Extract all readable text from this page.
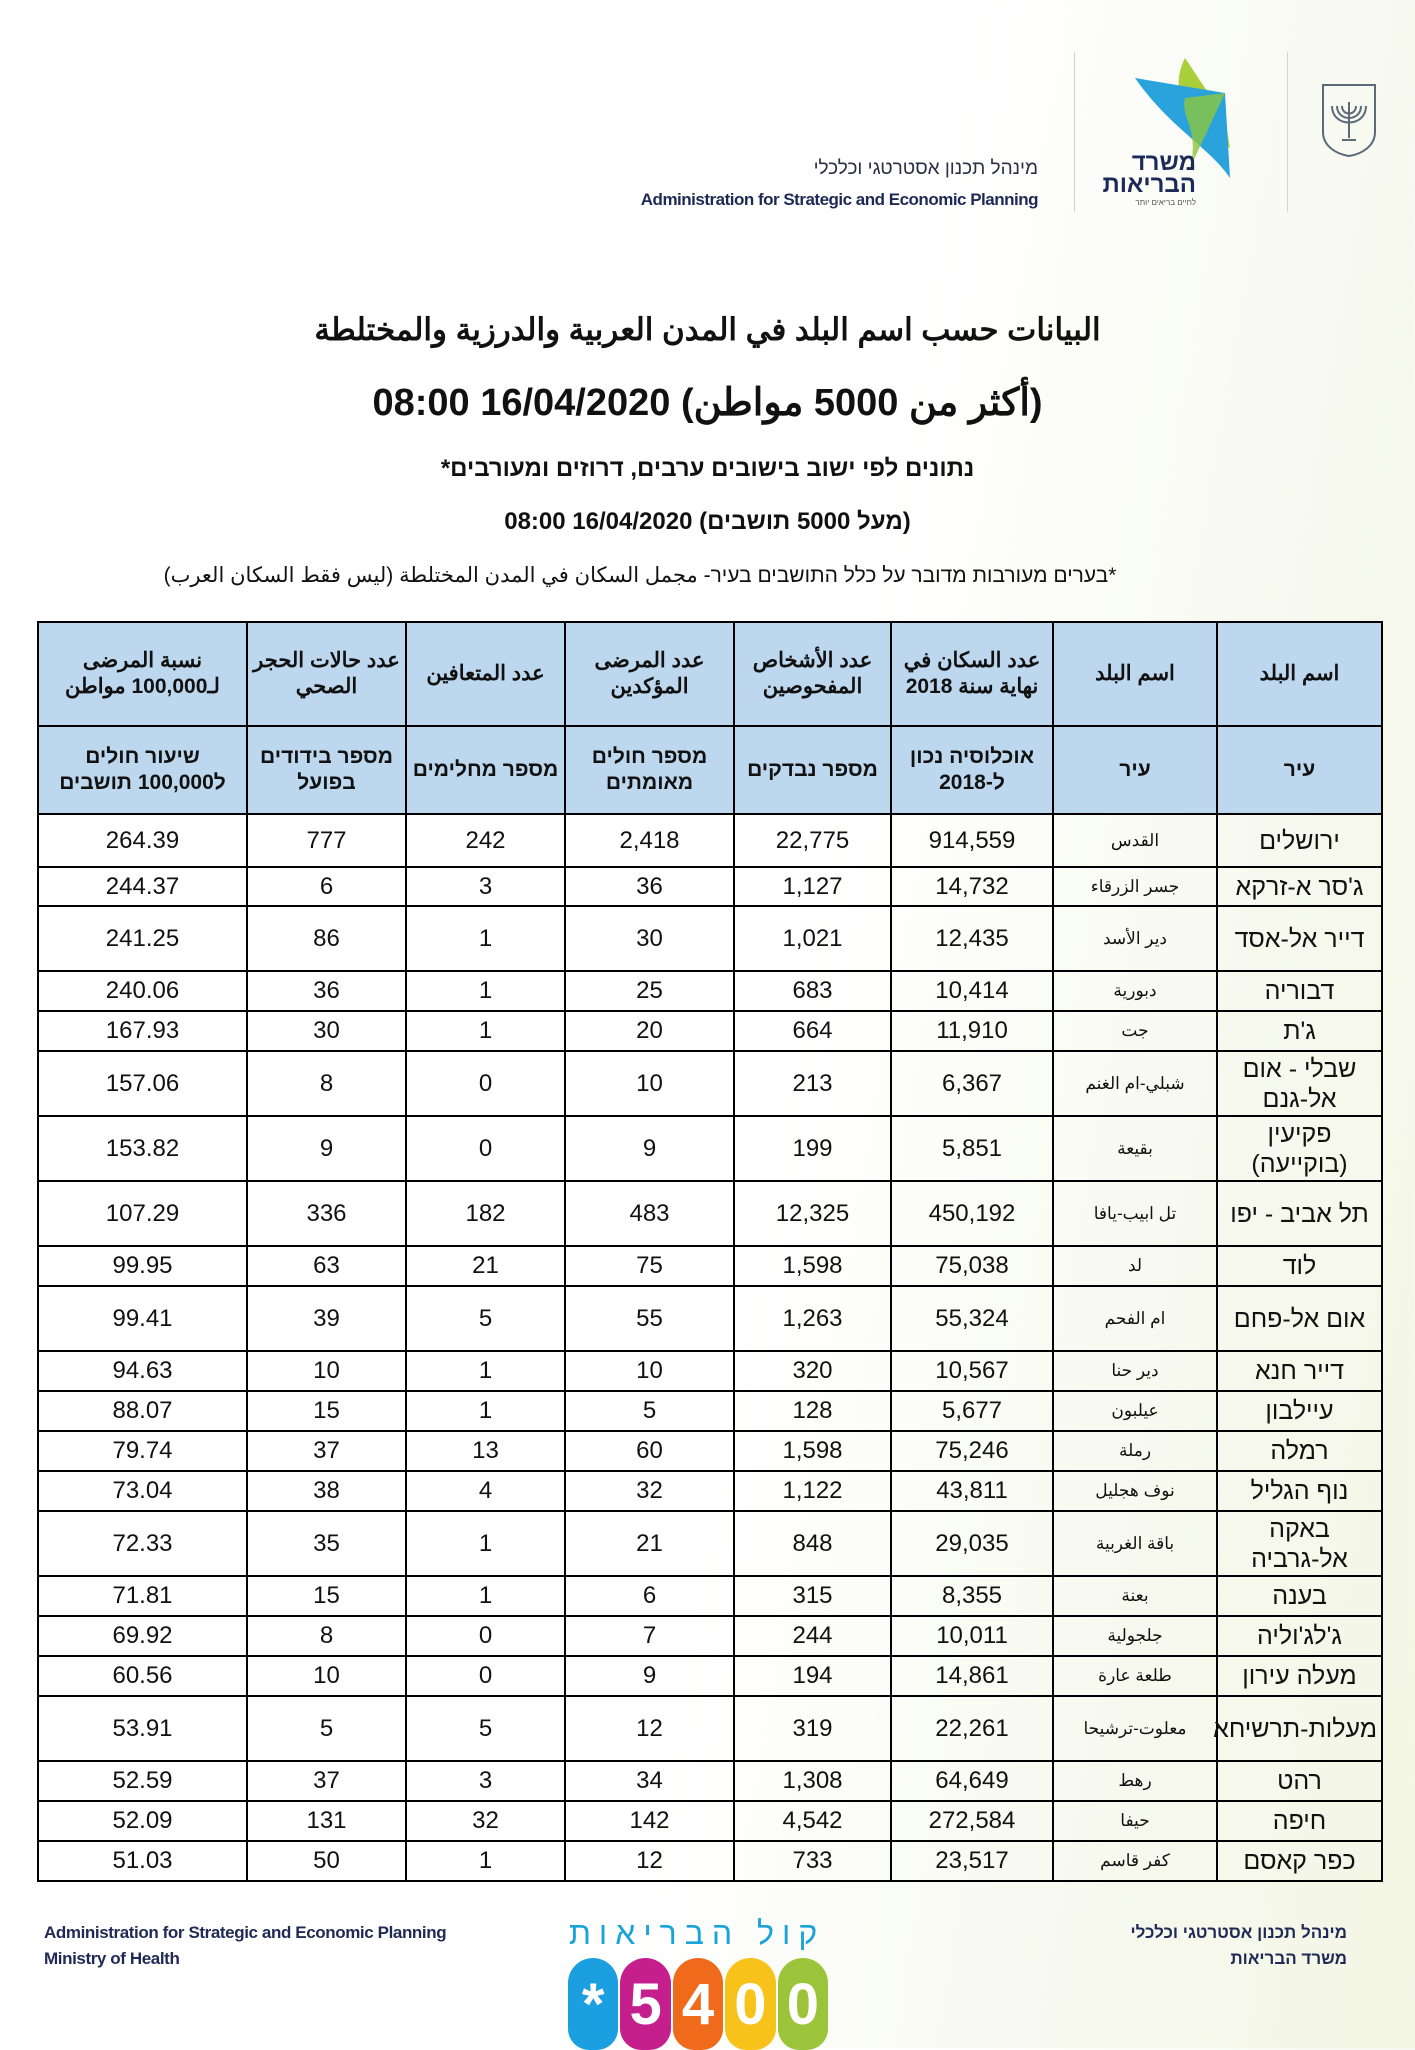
מינהל תכנון אסטרטגי וכלכלי
Administration for Strategic and Economic Planning
משרד הבריאות
לחיים בריאים יותר
البيانات حسب اسم البلد في المدن العربية والدرزية والمختلطة
(أكثر من 5000 مواطن) 16/04/2020 08:00
נתונים לפי ישוב בישובים ערבים, דרוזים ומעורבים*
(מעל 5000 תושבים) 16/04/2020 08:00
*בערים מעורבות מדובר על כלל התושבים בעיר- مجمل السكان في المدن المختلطة (ليس فقط السكان العرب)
اسم البلد	اسم البلد	عدد السكان في نهاية سنة 2018	عدد الأشخاص المفحوصين	عدد المرضى المؤكدين	عدد المتعافين	عدد حالات الحجر الصحي	نسبة المرضى لـ100,000 مواطن
עיר	עיר	אוכלוסיה נכון ל-2018	מספר נבדקים	מספר חולים מאומתים	מספר מחלימים	מספר בידודים בפועל	שיעור חולים ל100,000 תושבים
ירושלים	القدس	914,559	22,775	2,418	242	777	264.39
ג'סר א-זרקא	جسر الزرقاء	14,732	1,127	36	3	6	244.37
דייר אל-אסד	دير الأسد	12,435	1,021	30	1	86	241.25
דבוריה	دبورية	10,414	683	25	1	36	240.06
ג'ת	جت	11,910	664	20	1	30	167.93
שבלי - אום אל-גנם	شبلي-ام الغنم	6,367	213	10	0	8	157.06
פקיעין (בוקייעה)	بقيعة	5,851	199	9	0	9	153.82
תל אביב - יפו	تل ابيب-يافا	450,192	12,325	483	182	336	107.29
לוד	لد	75,038	1,598	75	21	63	99.95
אום אל-פחם	ام الفحم	55,324	1,263	55	5	39	99.41
דייר חנא	دير حنا	10,567	320	10	1	10	94.63
עיילבון	عيلبون	5,677	128	5	1	15	88.07
רמלה	رملة	75,246	1,598	60	13	37	79.74
נוף הגליל	نوف هجليل	43,811	1,122	32	4	38	73.04
באקה אל-גרביה	باقة الغربية	29,035	848	21	1	35	72.33
בענה	بعنة	8,355	315	6	1	15	71.81
ג'לג'וליה	جلجولية	10,011	244	7	0	8	69.92
מעלה עירון	طلعة عارة	14,861	194	9	0	10	60.56
מעלות-תרשיחא	معلوت-ترشيحا	22,261	319	12	5	5	53.91
רהט	رهط	64,649	1,308	34	3	37	52.59
חיפה	حيفا	272,584	4,542	142	32	131	52.09
כפר קאסם	كفر قاسم	23,517	733	12	1	50	51.03
Administration for Strategic and Economic Planning
Ministry of Health
קול הבריאות
* 5 4 0 0
מינהל תכנון אסטרטגי וכלכלי
משרד הבריאות
